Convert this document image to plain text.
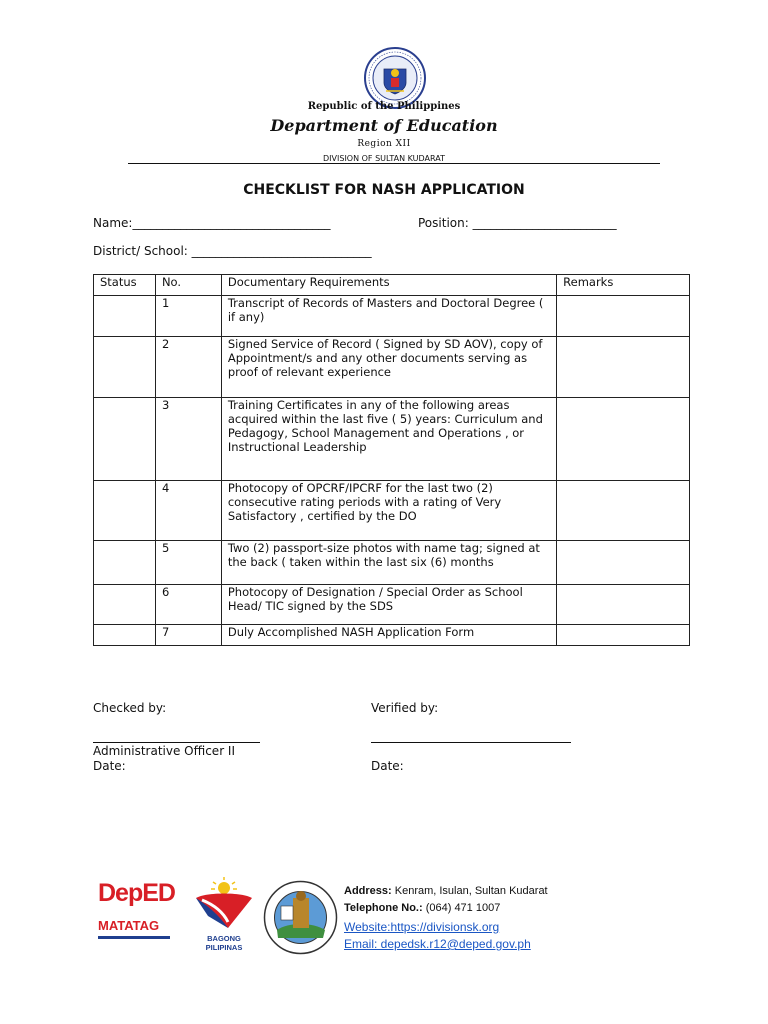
Republic of the Philippines
Department of Education
Region XII
DIVISION OF SULTAN KUDARAT
CHECKLIST FOR NASH APPLICATION
Name:_________________________________	Position: ________________________
District/ School: ______________________________
Status	No.	Documentary Requirements	Remarks
	1	Transcript of Records of Masters and Doctoral Degree ( if any)	
	2	Signed Service of Record ( Signed by SD AOV), copy of Appointment/s and any other documents serving as proof of relevant experience	
	3	Training Certificates in any of the following areas acquired within the last five ( 5) years: Curriculum and Pedagogy, School Management and Operations , or Instructional Leadership	
	4	Photocopy of OPCRF/IPCRF for the last two (2) consecutive rating periods with a rating of Very Satisfactory , certified by the DO	
	5	Two (2) passport-size photos with name tag; signed at the back ( taken within the last six (6) months	
	6	Photocopy of Designation / Special Order as School Head/ TIC signed by the SDS	
	7	Duly Accomplished NASH Application Form	
Checked by:	Verified by:
Administrative Officer II
Date:	Date:
DepED
MATATAG
BAGONG PILIPINAS
Address: Kenram, Isulan, Sultan Kudarat
Telephone No.: (064) 471 1007
Website:https://divisionsk.org
Email: depedsk.r12@deped.gov.ph
